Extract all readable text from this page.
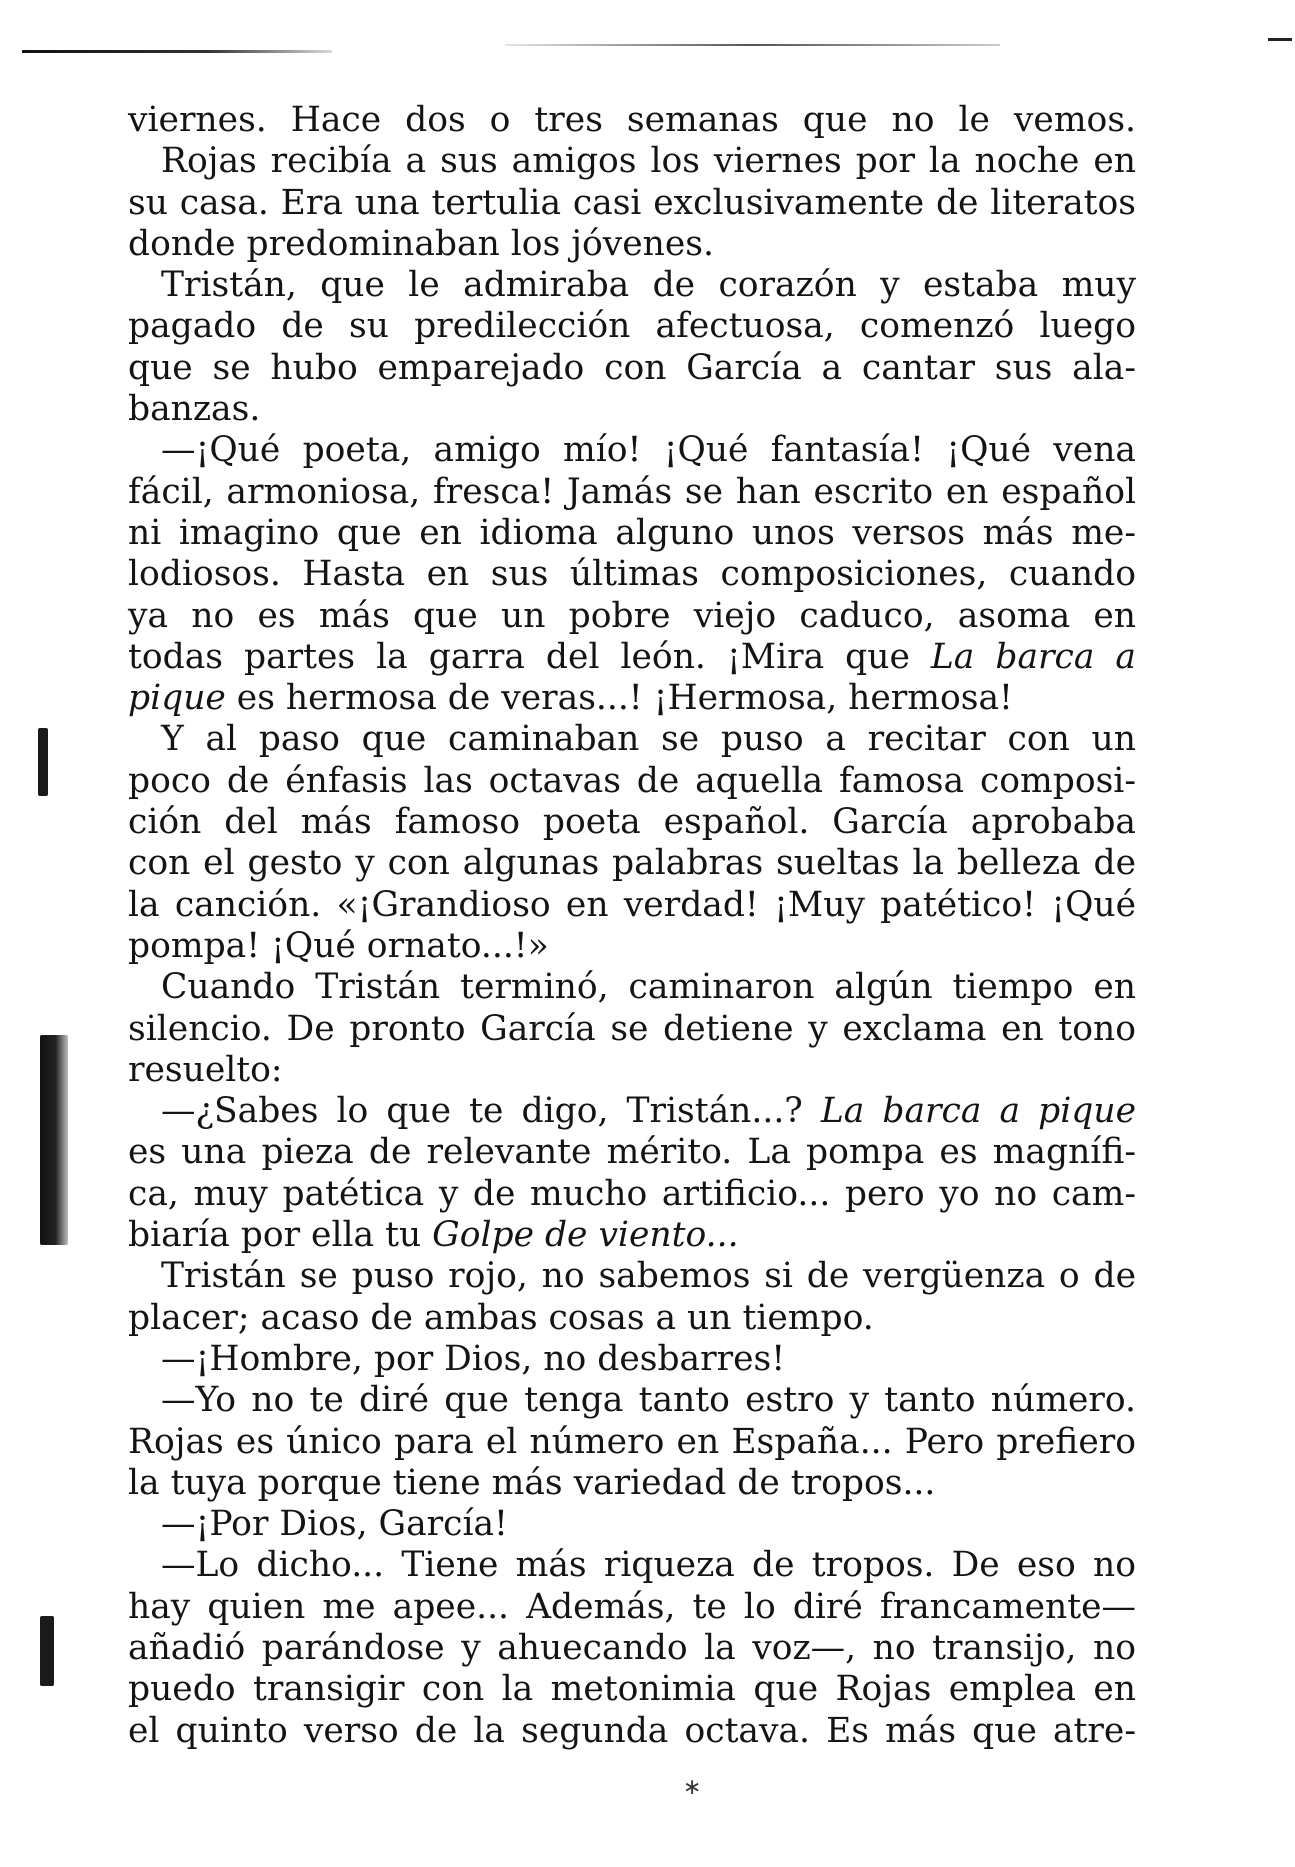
viernes. Hace dos o tres semanas que no le vemos.
Rojas recibía a sus amigos los viernes por la noche en
su casa. Era una tertulia casi exclusivamente de literatos
donde predominaban los jóvenes.
Tristán, que le admiraba de corazón y estaba muy
pagado de su predilección afectuosa, comenzó luego
que se hubo emparejado con García a cantar sus ala-
banzas.
—¡Qué poeta, amigo mío! ¡Qué fantasía! ¡Qué vena
fácil, armoniosa, fresca! Jamás se han escrito en español
ni imagino que en idioma alguno unos versos más me-
lodiosos. Hasta en sus últimas composiciones, cuando
ya no es más que un pobre viejo caduco, asoma en
todas partes la garra del león. ¡Mira que La barca a
pique es hermosa de veras...! ¡Hermosa, hermosa!
Y al paso que caminaban se puso a recitar con un
poco de énfasis las octavas de aquella famosa composi-
ción del más famoso poeta español. García aprobaba
con el gesto y con algunas palabras sueltas la belleza de
la canción. «¡Grandioso en verdad! ¡Muy patético! ¡Qué
pompa! ¡Qué ornato...!»
Cuando Tristán terminó, caminaron algún tiempo en
silencio. De pronto García se detiene y exclama en tono
resuelto:
—¿Sabes lo que te digo, Tristán...? La barca a pique
es una pieza de relevante mérito. La pompa es magnífi-
ca, muy patética y de mucho artificio... pero yo no cam-
biaría por ella tu Golpe de viento...
Tristán se puso rojo, no sabemos si de vergüenza o de
placer; acaso de ambas cosas a un tiempo.
—¡Hombre, por Dios, no desbarres!
—Yo no te diré que tenga tanto estro y tanto número.
Rojas es único para el número en España... Pero prefiero
la tuya porque tiene más variedad de tropos...
—¡Por Dios, García!
—Lo dicho... Tiene más riqueza de tropos. De eso no
hay quien me apee... Además, te lo diré francamente—
añadió parándose y ahuecando la voz—, no transijo, no
puedo transigir con la metonimia que Rojas emplea en
el quinto verso de la segunda octava. Es más que atre-
∗
